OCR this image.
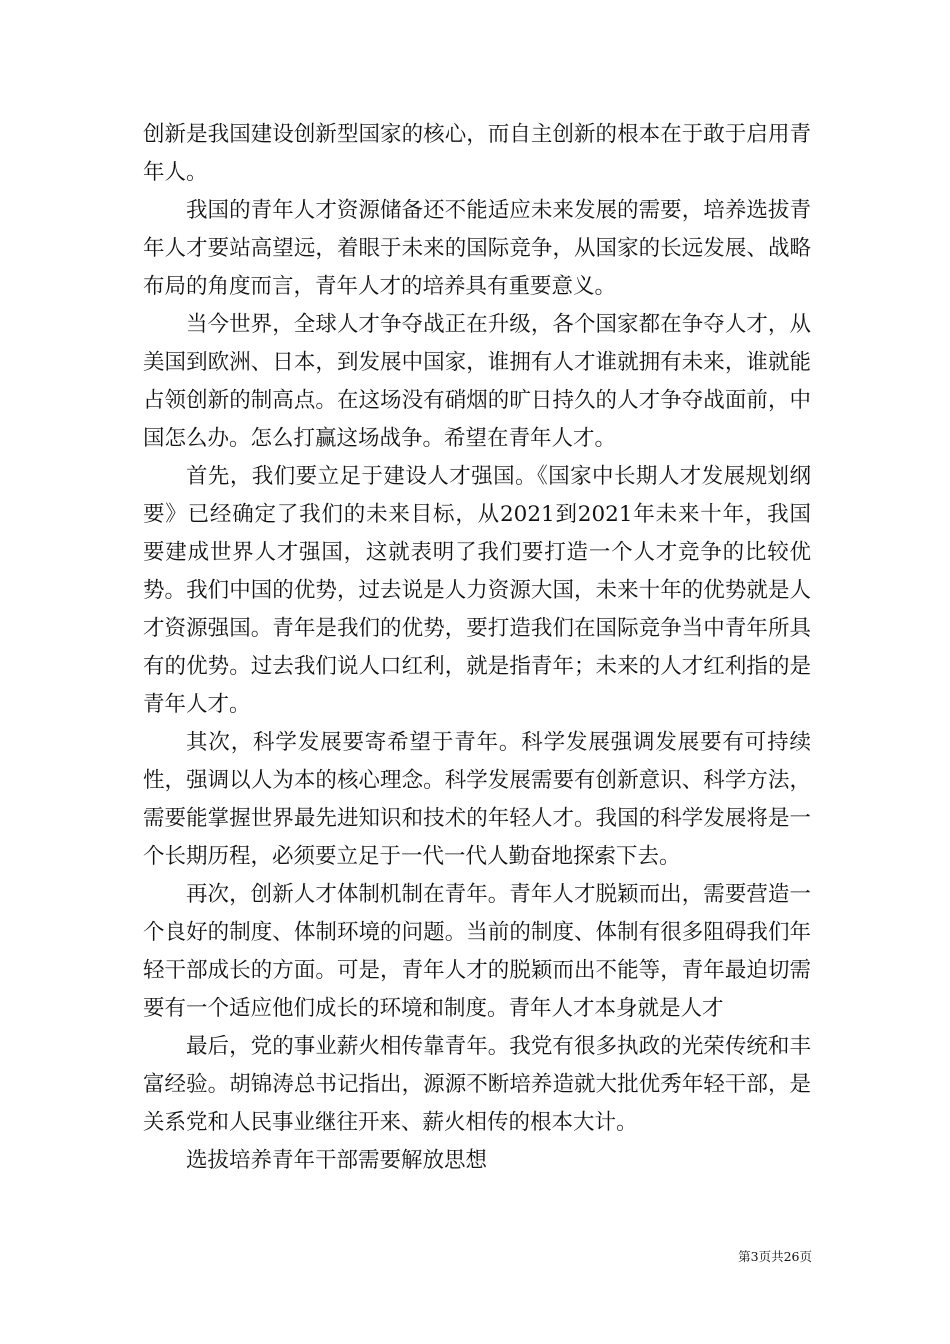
创新是我国建设创新型国家的核心，而自主创新的根本在于敢于启用青年人。

我国的青年人才资源储备还不能适应未来发展的需要，培养选拔青年人才要站高望远，着眼于未来的国际竞争，从国家的长远发展、战略布局的角度而言，青年人才的培养具有重要意义。

当今世界，全球人才争夺战正在升级，各个国家都在争夺人才，从美国到欧洲、日本，到发展中国家，谁拥有人才谁就拥有未来，谁就能占领创新的制高点。在这场没有硝烟的旷日持久的人才争夺战面前，中国怎么办。怎么打赢这场战争。希望在青年人才。

首先，我们要立足于建设人才强国。《国家中长期人才发展规划纲要》已经确定了我们的未来目标，从2021到2021年未来十年，我国要建成世界人才强国，这就表明了我们要打造一个人才竞争的比较优势。我们中国的优势，过去说是人力资源大国，未来十年的优势就是人才资源强国。青年是我们的优势，要打造我们在国际竞争当中青年所具有的优势。过去我们说人口红利，就是指青年；未来的人才红利指的是青年人才。

其次，科学发展要寄希望于青年。科学发展强调发展要有可持续性，强调以人为本的核心理念。科学发展需要有创新意识、科学方法，需要能掌握世界最先进知识和技术的年轻人才。我国的科学发展将是一个长期历程，必须要立足于一代一代人勤奋地探索下去。

再次，创新人才体制机制在青年。青年人才脱颖而出，需要营造一个良好的制度、体制环境的问题。当前的制度、体制有很多阻碍我们年轻干部成长的方面。可是，青年人才的脱颖而出不能等，青年最迫切需要有一个适应他们成长的环境和制度。青年人才本身就是人才

最后，党的事业薪火相传靠青年。我党有很多执政的光荣传统和丰富经验。胡锦涛总书记指出，源源不断培养造就大批优秀年轻干部，是关系党和人民事业继往开来、薪火相传的根本大计。

选拔培养青年干部需要解放思想

第3页共26页
